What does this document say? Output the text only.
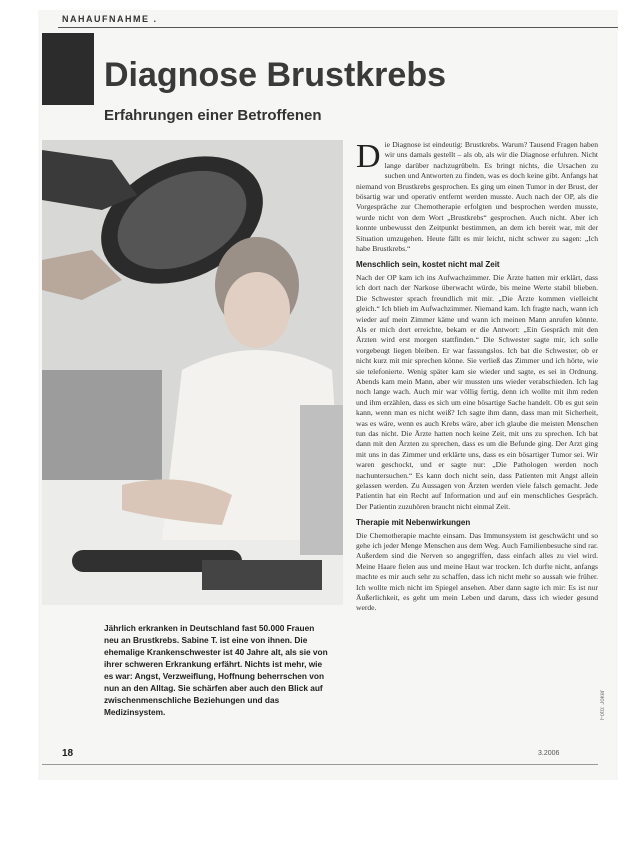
NAHAUFNAHME .
Diagnose Brustkrebs
Erfahrungen einer Betroffenen

Jährlich erkranken in Deutschland fast 50.000 Frauen neu an Brustkrebs. Sabine T. ist eine von ihnen. Die ehemalige Krankenschwester ist 40 Jahre alt, als sie von ihrer schweren Erkrankung erfährt. Nichts ist mehr, wie es war: Angst, Verzweiflung, Hoffnung beherrschen von nun an den Alltag. Sie schärfen aber auch den Blick auf zwischenmenschliche Beziehungen und das Medizinsystem.

Die Diagnose ist eindeutig: Brustkrebs. Warum? Tausend Fragen haben wir uns damals gestellt – als ob, als wir die Diagnose erfuhren. Nicht lange darüber nachzugrübeln. Es bringt nichts, die Ursachen zu suchen und Antworten zu finden, was es doch keine gibt. Anfangs hat niemand von Brustkrebs gesprochen. Es ging um einen Tumor in der Brust, der bösartig war und operativ entfernt werden musste. Auch nach der OP, als die Vorgespräche zur Chemotherapie erfolgten und besprochen werden musste, wurde nicht von dem Wort „Brustkrebs“ gesprochen. Auch nicht. Aber ich konnte unbewusst den Zeitpunkt bestimmen, an dem ich bereit war, mit der Situation umzugehen. Heute fällt es mir leicht, nicht schwer zu sagen: „Ich habe Brustkrebs.“

Menschlich sein, kostet nicht mal Zeit

Nach der OP kam ich ins Aufwachzimmer. Die Ärzte hatten mir erklärt, dass ich dort nach der Narkose überwacht würde, bis meine Werte stabil blieben. Die Schwester sprach freundlich mit mir. „Die Ärzte kommen vielleicht gleich.“ Ich blieb im Aufwachzimmer. Niemand kam. Ich fragte nach, wann ich wieder auf mein Zimmer käme und wann ich meinen Mann anrufen könnte. Als er mich dort erreichte, bekam er die Antwort: „Ein Gespräch mit den Ärzten wird erst morgen stattfinden.“ Die Schwester sagte mir, ich solle vorgebeugt liegen bleiben. Er war fassungslos. Ich bat die Schwester, ob er nicht kurz mit mir sprechen könne. Sie verließ das Zimmer und ich hörte, wie sie telefonierte. Wenig später kam sie wieder und sagte, es sei in Ordnung. Abends kam mein Mann, aber wir mussten uns wieder verabschieden. Ich lag noch lange wach. Auch mir war völlig fertig, denn ich wollte mit ihm reden und ihm erzählen, dass es sich um eine bösartige Sache handelt. Ob es gut sein kann, wenn man es nicht weiß? Ich sagte ihm dann, dass man mit Sicherheit, was es wäre, wenn es auch Krebs wäre, aber ich glaube die meisten Menschen tun das nicht. Die Ärzte hatten noch keine Zeit, mit uns zu sprechen. Ich bat dann mit den Ärzten zu sprechen, dass es um die Befunde ging. Der Arzt ging mit uns in das Zimmer und erklärte uns, dass es ein bösartiger Tumor sei. Wir waren geschockt, und er sagte nur: „Die Pathologen werden noch nachuntersuchen.“ Es kann doch nicht sein, dass Patienten mit Angst allein gelassen werden. Zu Aussagen von Ärzten werden viele falsch gemacht. Jede Patientin hat ein Recht auf Information und auf ein menschliches Gespräch. Der Patientin zuzuhören braucht nicht einmal Zeit.

Therapie mit Nebenwirkungen

Die Chemotherapie machte einsam. Das Immunsystem ist geschwächt und so gehe ich jeder Menge Menschen aus dem Weg. Auch Familienbesuche sind rar. Außerdem sind die Nerven so angegriffen, dass einfach alles zu viel wird. Meine Haare fielen aus und meine Haut war trocken. Ich durfte nicht, anfangs machte es mir auch sehr zu schaffen, dass ich nicht mehr so aussah wie früher. Ich wollte mich nicht im Spiegel ansehen. Aber dann sagte ich mir: Es ist nur Äußerlichkeit, es geht um mein Leben und darum, dass ich wieder gesund werde.

18	3.2006
Foto: Joker
